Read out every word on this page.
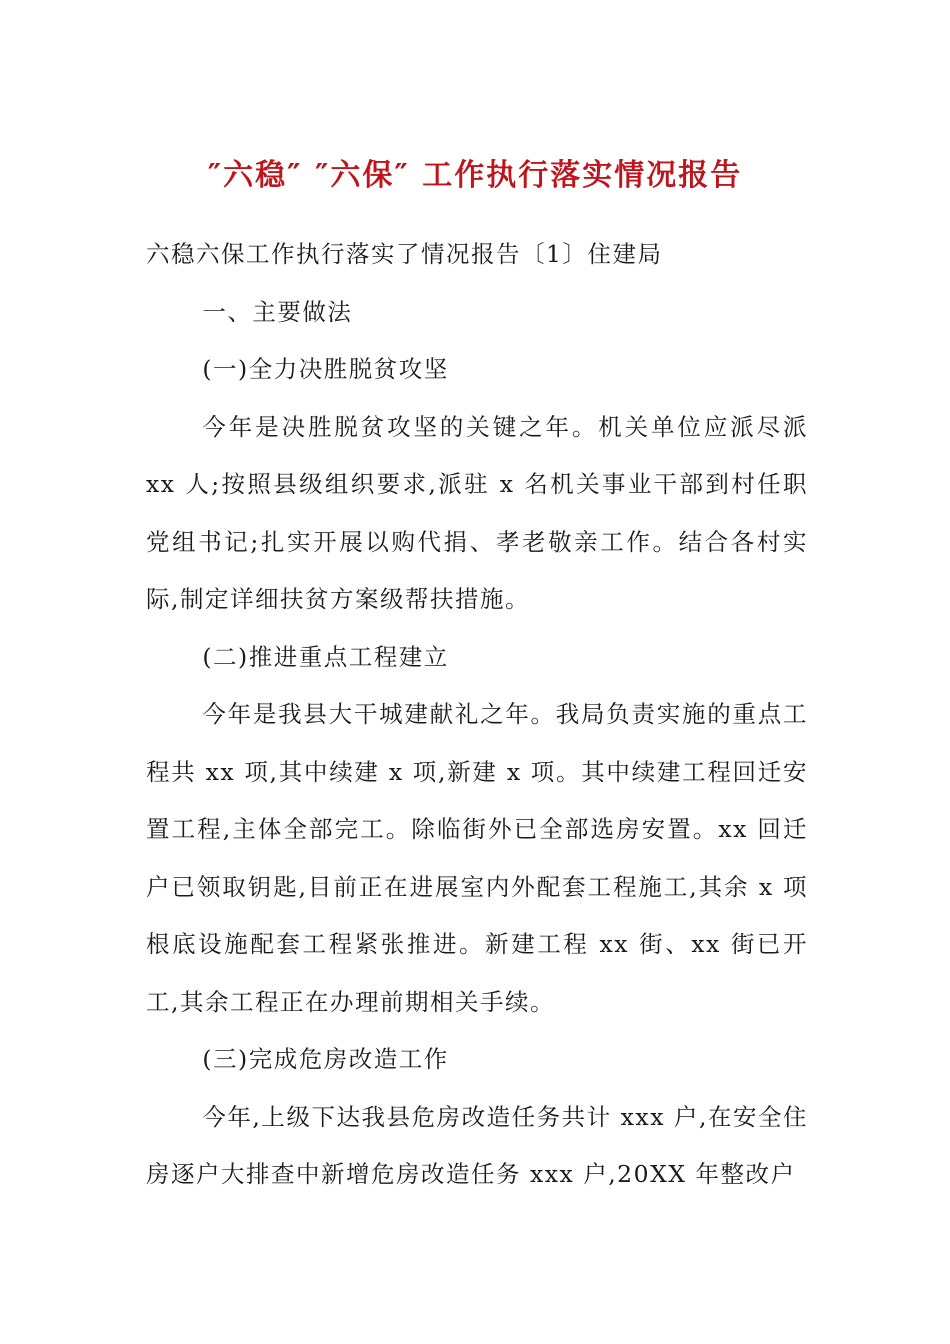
″六稳″ ″六保″ 工作执行落实情况报告

六稳六保工作执行落实了情况报告〔1〕住建局

一、主要做法

(一)全力决胜脱贫攻坚

今年是决胜脱贫攻坚的关键之年。机关单位应派尽派 xx 人;按照县级组织要求,派驻 x 名机关事业干部到村任职党组书记;扎实开展以购代捐、孝老敬亲工作。结合各村实际,制定详细扶贫方案级帮扶措施。

(二)推进重点工程建立

今年是我县大干城建献礼之年。我局负责实施的重点工程共 xx 项,其中续建 x 项,新建 x 项。其中续建工程回迁安置工程,主体全部完工。除临街外已全部选房安置。xx 回迁户已领取钥匙,目前正在进展室内外配套工程施工,其余 x 项根底设施配套工程紧张推进。新建工程 xx 街、xx 街已开工,其余工程正在办理前期相关手续。

(三)完成危房改造工作

今年,上级下达我县危房改造任务共计 xxx 户,在安全住房逐户大排查中新增危房改造任务 xxx 户,20XX 年整改户
